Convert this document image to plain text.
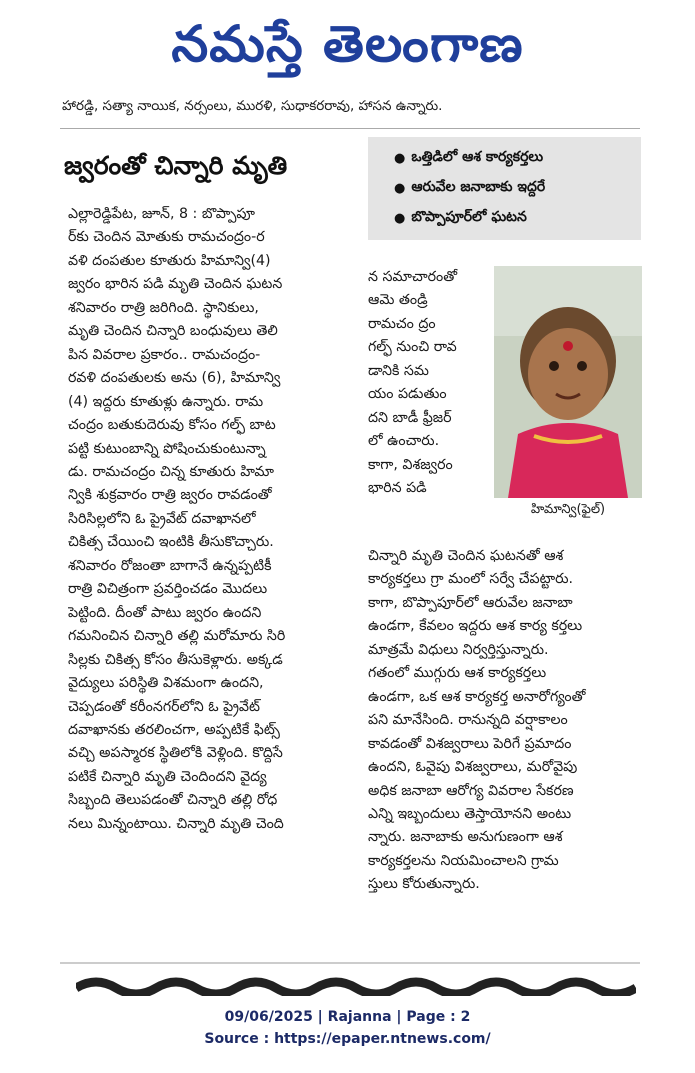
నమస్తే తెలంగాణ
హారడ్డి, సత్యా నాయిక, నర్సంలు, మురళి, సుధాకరరావు, హాసన ఉన్నారు.
జ్వరంతో చిన్నారి మృతి	● ఒత్తిడిలో ఆశ కార్యకర్తలు
● ఆరువేల జనాబాకు ఇద్దరే
● బొప్పాపూర్‌లో ఘటన
ఎల్లారెడ్డిపేట, జూన్, 8 : బొప్పాపూ
ర్‌కు చెందిన మోతుకు రామచంద్రం-ర
వళి దంపతుల కూతురు హిమాన్వి(4)
జ్వరం భారిన పడి మృతి చెందిన ఘటన
శనివారం రాత్రి జరిగింది. స్థానికులు,
మృతి చెందిన చిన్నారి బంధువులు తెలి
పిన వివరాల ప్రకారం.. రామచంద్రం-
రవళి దంపతులకు అను (6), హిమాన్వి
(4) ఇద్దరు కూతుళ్లు ఉన్నారు. రామ
చంద్రం బతుకుదెరువు కోసం గల్ఫ్ బాట
పట్టి కుటుంబాన్ని పోషించుకుంటున్నా
డు. రామచంద్రం చిన్న కూతురు హిమా
న్వికి శుక్రవారం రాత్రి జ్వరం రావడంతో
సిరిసిల్లలోని ఓ ప్రైవేట్ దవాఖానలో
చికిత్స చేయించి ఇంటికి తీసుకొచ్చారు.
శనివారం రోజంతా బాగానే ఉన్నప్పటికీ
రాత్రి విచిత్రంగా ప్రవర్తించడం మొదలు
పెట్టింది. దీంతో పాటు జ్వరం ఉందని
గమనించిన చిన్నారి తల్లి మరోమారు సిరి
సిల్లకు చికిత్స కోసం తీసుకెళ్లారు. అక్కడ
వైద్యులు పరిస్థితి విశమంగా ఉందని,
చెప్పడంతో కరీంనగర్‌లోని ఓ ప్రైవేట్
దవాఖానకు తరలించగా, అప్పటికే ఫిట్స్
వచ్చి అపస్మారక స్థితిలోకి వెళ్లింది. కొద్దిసే
పటికే చిన్నారి మృతి చెందిందని వైద్య
సిబ్బంది తెలుపడంతో చిన్నారి తల్లి రోధ
నలు మిన్నంటాయి. చిన్నారి మృతి చెంది
న సమాచారంతో
ఆమె తండ్రి
రామచం ద్రం
గల్ఫ్ నుంచి రావ
డానికి సమ
యం పడుతుం
దని బాడీ ఫ్రీజర్
లో ఉంచారు.
కాగా, విశజ్వరం
భారిన పడి
హిమాన్వి(ఫైల్)
చిన్నారి మృతి చెందిన ఘటనతో ఆశ
కార్యకర్తలు గ్రా మంలో సర్వే చేపట్టారు.
కాగా, బొప్పాపూర్‌లో ఆరువేల జనాబా
ఉండగా, కేవలం ఇద్దరు ఆశ కార్య కర్తలు
మాత్రమే విధులు నిర్వర్తిస్తున్నారు.
గతంలో ముగ్గురు ఆశ కార్యకర్తలు
ఉండగా, ఒక ఆశ కార్యకర్త అనారోగ్యంతో
పని మానేసింది. రానున్నది వర్షాకాలం
కావడంతో విశజ్వరాలు పెరిగే ప్రమాదం
ఉందని, ఓవైపు విశజ్వరాలు, మరోవైపు
అధిక జనాబా ఆరోగ్య వివరాల సేకరణ
ఎన్ని ఇబ్బందులు తెస్తాయోనని అంటు
న్నారు. జనాబాకు అనుగుణంగా ఆశ
కార్యకర్తలను నియమించాలని గ్రామ
స్తులు కోరుతున్నారు.
09/06/2025 | Rajanna | Page : 2
Source : https://epaper.ntnews.com/
